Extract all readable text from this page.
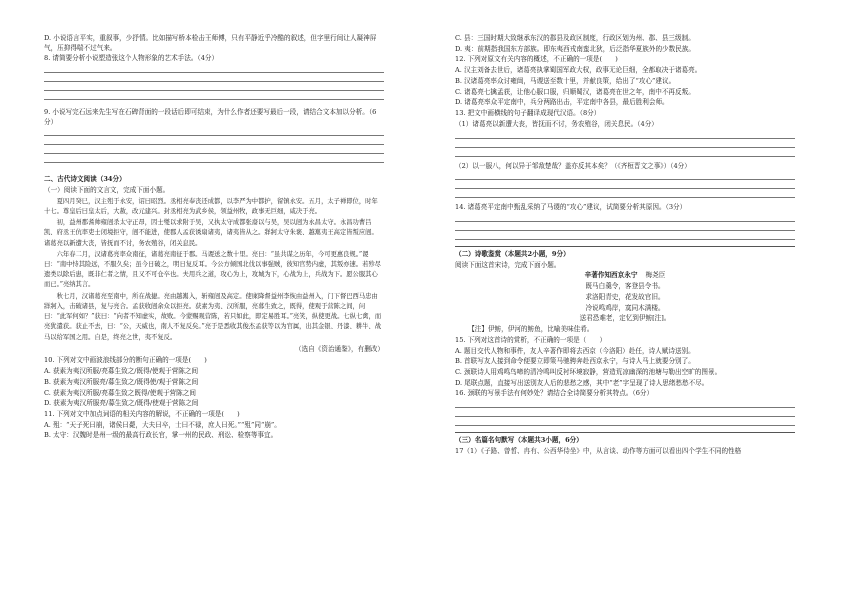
D. 小说语言平实，重叙事，少抒情。比如描写桥本检击王师傅，只有平静近乎冷酷的叙述，但字里行间让人凝神屏气，压抑得喘不过气来。

8. 请简要分析小说塑造张这个人物形象的艺术手法。（4分）

9. 小说写完石远来先生写在石碑背面的一段话后即可结束，为什么作者还要写最后一段，请结合文本加以分析。（6分）

二、古代诗文阅读（34分）

（一）阅读下面的文言文，完成下面小题。

夏四月癸巳，汉主殂于永安，诏曰昭烈。丞相亮奉丧还成都，以李严为中都护，留镇永安。五月，太子禅即位，时年十七。尊皇后曰皇太后，大赦，改元建兴。封丞相亮为武乡侯，领益州牧，政事无巨细，咸决于亮。

初，益州郡耆帅雍闿杀太守正昂，因士燮以求附于吴，又执太守成都张裔以与吴，吴以闿为永昌太守。永昌功曹吕凯、府丞王伉率吏士闭境拒守，闿不能进，使郡人孟获诱扇诸夷，诸夷皆从之。牂牁太守朱褒、越嶲夷王高定皆叛应闿。诸葛亮以新遭大丧，皆抚而不讨，务农殖谷，闭关息民。

六年春二月，汉诸葛亮率众南征，诸葛亮南征于郡。马谡送之数十里。亮曰：“虽共谋之历年，今可更惠良规。”谡曰：“南中恃其险远，不服久矣；虽今日破之，明日复反耳。今公方倾国北伐以事强贼，彼知官势内虚，其叛亦速。若殄尽遗类以除后患，既非仁者之情，且又不可仓卒也。夫用兵之道，攻心为上，攻城为下，心战为上，兵战为下。愿公服其心而已。”亮纳其言。

秋七月，汉诸葛亮至南中，所在战捷。亮由越嶲入，斩雍闿及高定。使庲降督益州李恢由益州入，门下督巴西马忠由牂牁入，击破诸县，复与亮合。孟获收闿余众以拒亮。获素为夷、汉所服，亮募生致之，既得，使观于营陈之间，问曰：“此军何如？”获曰：“向者不知虚实，故败。今蒙赐观营陈，若只如此，即定易胜耳。”亮笑，纵使更战。七纵七禽，而亮犹遣获。获止不去，曰：“公，天威也，南人不复反矣。”亮于是悉收其俊杰孟获等以为官属，出其金银、丹漆、耕牛、战马以给军国之用。自是，终亮之世，夷不复反。

（选自《资治通鉴》，有删改）

10. 下列对文中画波浪线部分的断句正确的一项是(　　)

A. 获素为夷汉所服/亮募生致之/既得/使观于营陈之间

B. 获素为夷汉所服亮/募生致之/既得使/观于营陈之间

C. 获素为夷汉所服/亮募生致之既得/使观于营陈之间

D. 获素为夷汉所服亮/募生致之/既得/使观于营陈之间

11. 下列对文中加点词语的相关内容的解说，不正确的一项是(　　)

A. 殂：“天子死曰崩，诸侯曰薨，大夫曰卒，士曰不禄，庶人曰死。”“殂”同“崩”。

B. 太守：汉魏时是州一级的最高行政长官，掌一州的民政、刑讼、检察等事宜。

C. 县：三国时期大致继承东汉的郡县及政区制度，行政区划为州、郡、县三级制。

D. 夷：前期指我国东方部族。即东夷西戎南蛮北狄，后泛指华夏族外的少数民族。

12. 下列对原文有关内容的概述，不正确的一项是(　　)

A. 汉主刘备去世后，诸葛亮执掌蜀国军政大权，政事无论巨细，全都取决于诸葛亮。

B. 汉诸葛亮率众讨雍闿，马谡送至数十里，并献良策，给出了“攻心”建议。

C. 诸葛亮七擒孟获，让他心服口服，归顺蜀汉，诸葛亮在世之年，南中不再反叛。

D. 诸葛亮率众平定南中，兵分两路出击，平定南中各县，最后胜利会师。

13. 把文中画横线的句子翻译成现代汉语。（8分）

（1）诸葛亮以新遭大丧，皆抚而不讨，务农殖谷，闭关息民。（4分）

（2）以一服八，何以异于邹敌楚哉？盖亦反其本矣？（《齐桓晋文之事》）（4分）

14. 诸葛亮平定南中甄乱采纳了马谡的“攻心”建议，试简要分析其原因。（3分）

（二）诗歌鉴赏（本题共2小题，9分）

阅读下面这首宋诗，完成下面小题。

辛著作知西京永宁 梅尧臣

既马白羹令，客登县令书。

求洛阳青史，花发故官旧。

冷说鸣鸡岸，寞同木满楼。

送君恐难老，定忆到伊鲂[注]。

【注】伊鲂，伊河的鲂鱼，比喻美味佳肴。

15. 下列对这首诗的赏析，不正确的一项是（　　）

A. 题目交代人物和事件，友人辛著作即将去西京（今洛阳）赴任，诗人赋诗送别。

B. 首联写友人接到命令便要立即策马驰骋奔赴西京永宁，与诗人马上就要分别了。

C. 颈联诗人用鸡鸣鸟啼的清冷鸣叫反衬环境寂静，营造荒凉幽深的池塘与勒出空旷的图景。

D. 尾联点题，直接写出送别友人后的悲愁之感，其中“老”字呈现了诗人思绪愁愁不尽。

16. 颈联的写景手法有何妙处？请结合全诗简要分析其特点。（6分）

（三）名篇名句默写（本题共3小题，6分）

17（1）《子路、曾皙、冉有、公西华侍坐》中，从言谈、动作等方面可以看出四个学生不同的性格
